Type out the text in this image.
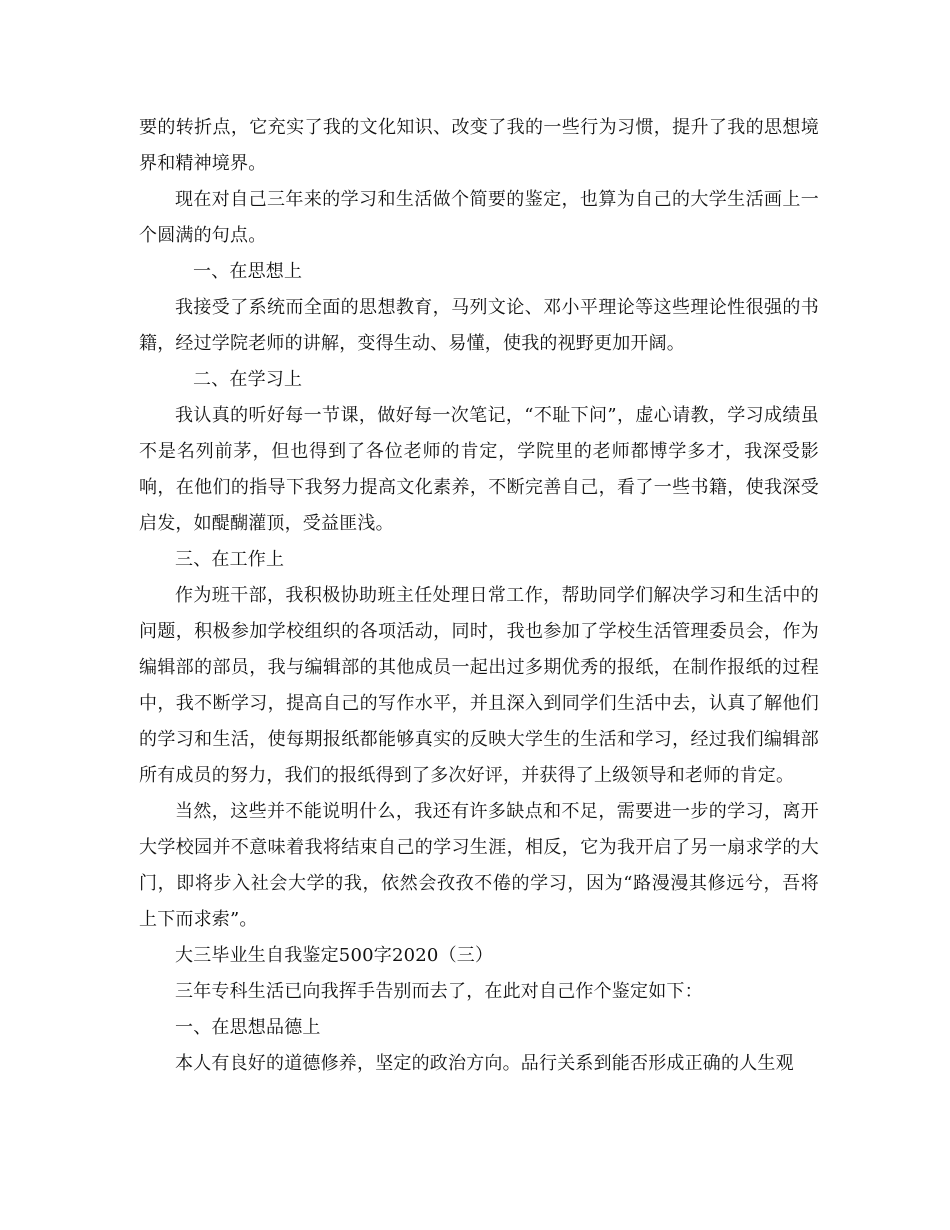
要的转折点，它充实了我的文化知识、改变了我的一些行为习惯，提升了我的思想境界和精神境界。

现在对自己三年来的学习和生活做个简要的鉴定，也算为自己的大学生活画上一个圆满的句点。

一、在思想上

我接受了系统而全面的思想教育，马列文论、邓小平理论等这些理论性很强的书籍，经过学院老师的讲解，变得生动、易懂，使我的视野更加开阔。

二、在学习上

我认真的听好每一节课，做好每一次笔记，“不耻下问”，虚心请教，学习成绩虽不是名列前茅，但也得到了各位老师的肯定，学院里的老师都博学多才，我深受影响，在他们的指导下我努力提高文化素养，不断完善自己，看了一些书籍，使我深受启发，如醍醐灌顶，受益匪浅。

三、在工作上

作为班干部，我积极协助班主任处理日常工作，帮助同学们解决学习和生活中的问题，积极参加学校组织的各项活动，同时，我也参加了学校生活管理委员会，作为编辑部的部员，我与编辑部的其他成员一起出过多期优秀的报纸，在制作报纸的过程中，我不断学习，提高自己的写作水平，并且深入到同学们生活中去，认真了解他们的学习和生活，使每期报纸都能够真实的反映大学生的生活和学习，经过我们编辑部所有成员的努力，我们的报纸得到了多次好评，并获得了上级领导和老师的肯定。

当然，这些并不能说明什么，我还有许多缺点和不足，需要进一步的学习，离开大学校园并不意味着我将结束自己的学习生涯，相反，它为我开启了另一扇求学的大门，即将步入社会大学的我，依然会孜孜不倦的学习，因为“路漫漫其修远兮，吾将上下而求索”。

大三毕业生自我鉴定500字2020（三）

三年专科生活已向我挥手告别而去了，在此对自己作个鉴定如下：

一、在思想品德上

本人有良好的道德修养，坚定的政治方向。品行关系到能否形成正确的人生观
